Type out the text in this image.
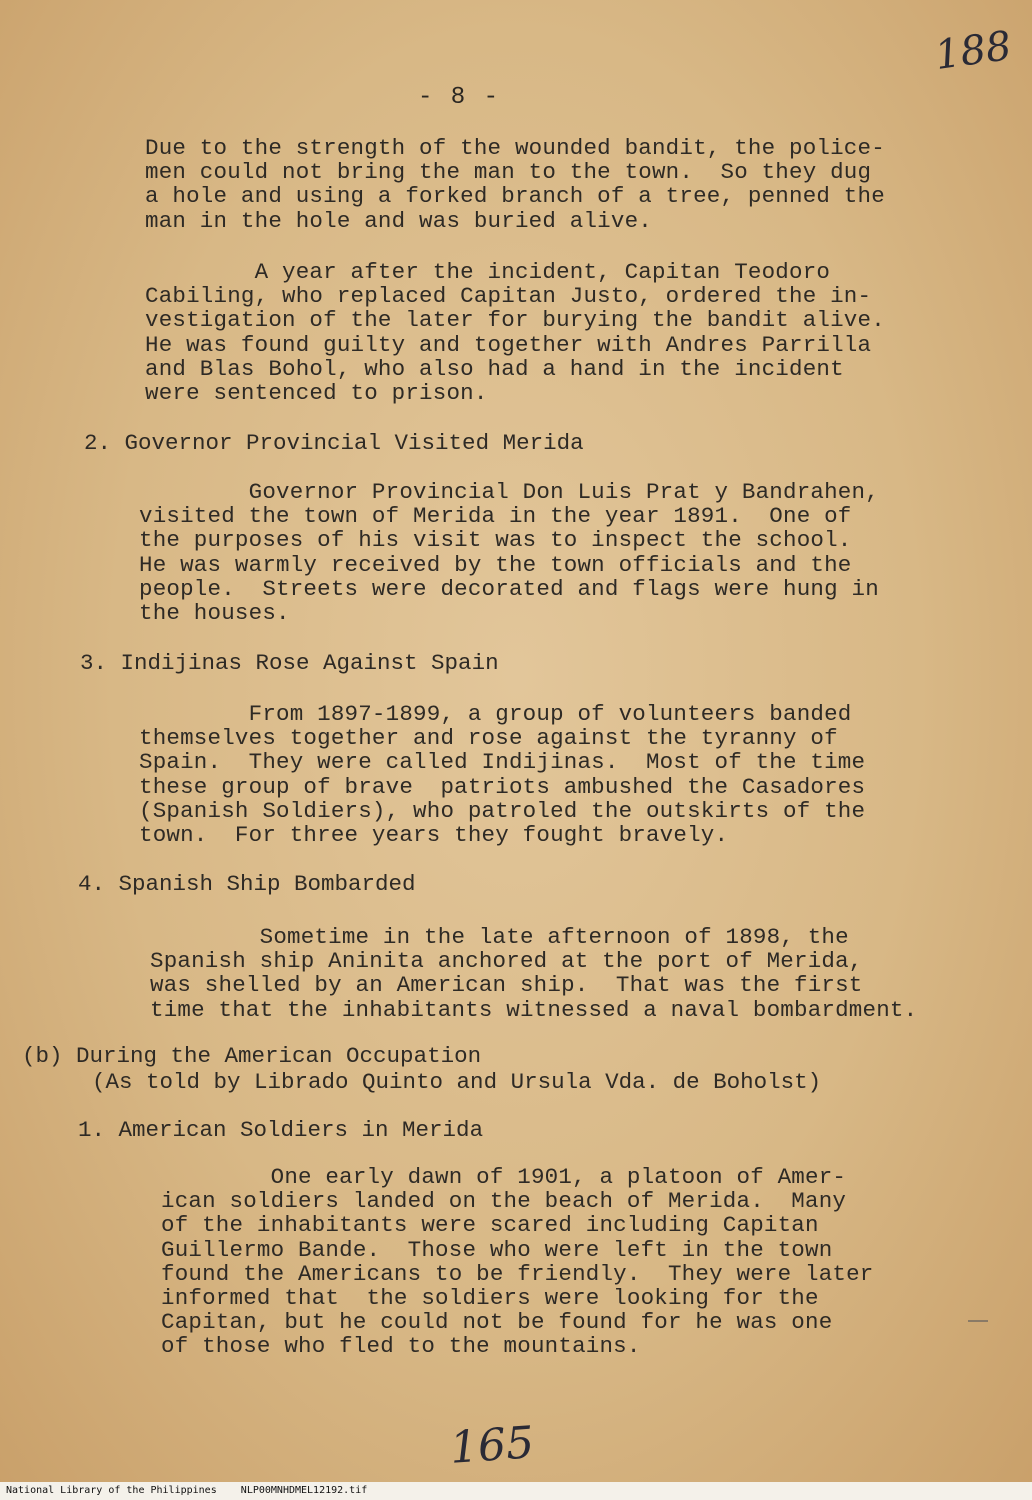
188
- 8 -
Due to the strength of the wounded bandit, the police-
men could not bring the man to the town.  So they dug
a hole and using a forked branch of a tree, penned the
man in the hole and was buried alive.
A year after the incident, Capitan Teodoro
Cabiling, who replaced Capitan Justo, ordered the in-
vestigation of the later for burying the bandit alive.
He was found guilty and together with Andres Parrilla
and Blas Bohol, who also had a hand in the incident
were sentenced to prison.
2. Governor Provincial Visited Merida
Governor Provincial Don Luis Prat y Bandrahen,
visited the town of Merida in the year 1891.  One of
the purposes of his visit was to inspect the school.
He was warmly received by the town officials and the
people.  Streets were decorated and flags were hung in
the houses.
3. Indijinas Rose Against Spain
From 1897-1899, a group of volunteers banded
themselves together and rose against the tyranny of
Spain.  They were called Indijinas.  Most of the time
these group of brave  patriots ambushed the Casadores
(Spanish Soldiers), who patroled the outskirts of the
town.  For three years they fought bravely.
4. Spanish Ship Bombarded
Sometime in the late afternoon of 1898, the
Spanish ship Aninita anchored at the port of Merida,
was shelled by an American ship.  That was the first
time that the inhabitants witnessed a naval bombardment.
(b) During the American Occupation
(As told by Librado Quinto and Ursula Vda. de Boholst)
1. American Soldiers in Merida
One early dawn of 1901, a platoon of Amer-
ican soldiers landed on the beach of Merida.  Many
of the inhabitants were scared including Capitan
Guillermo Bande.  Those who were left in the town
found the Americans to be friendly.  They were later
informed that  the soldiers were looking for the
Capitan, but he could not be found for he was one
of those who fled to the mountains.
165
National Library of the Philippines    NLP00MNHDMEL12192.tif
